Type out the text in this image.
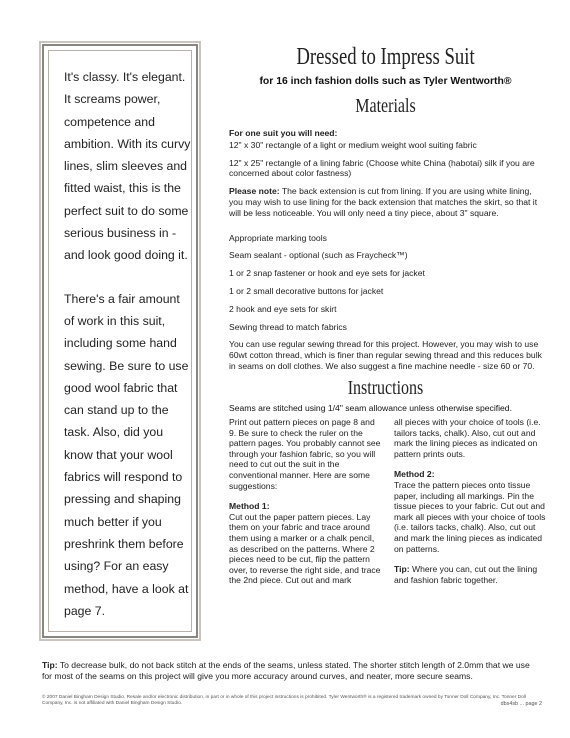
It's classy. It's elegant. It screams power, competence and ambition. With its curvy lines, slim sleeves and fitted waist, this is the perfect suit to do some serious business in - and look good doing it.

There's a fair amount of work in this suit, including some hand sewing. Be sure to use good wool fabric that can stand up to the task. Also, did you know that your wool fabrics will respond to pressing and shaping much better if you preshrink them before using? For an easy method, have a look at page 7.

Dressed to Impress Suit
for 16 inch fashion dolls such as Tyler Wentworth®
Materials

For one suit you will need:

12" x 30" rectangle of a light or medium weight wool suiting fabric

12" x 25" rectangle of a lining fabric (Choose white China (habotai) silk if you are concerned about color fastness)

Please note: The back extension is cut from lining. If you are using white lining, you may wish to use lining for the back extension that matches the skirt, so that it will be less noticeable. You will only need a tiny piece, about 3" square.

Appropriate marking tools

Seam sealant - optional (such as Fraycheck™)

1 or 2 snap fastener or hook and eye sets for jacket

1 or 2 small decorative buttons for jacket

2 hook and eye sets for skirt

Sewing thread to match fabrics

You can use regular sewing thread for this project. However, you may wish to use 60wt cotton thread, which is finer than regular sewing thread and this reduces bulk in seams on doll clothes. We also suggest a fine machine needle - size 60 or 70.

Instructions
Seams are stitched using 1/4" seam allowance unless otherwise specified.

Print out pattern pieces on page 8 and 9. Be sure to check the ruler on the pattern pages. You probably cannot see through your fashion fabric, so you will need to cut out the suit in the conventional manner. Here are some suggestions:

Method 1:

Cut out the paper pattern pieces. Lay them on your fabric and trace around them using a marker or a chalk pencil, as described on the patterns. Where 2 pieces need to be cut, flip the pattern over, to reverse the right side, and trace the 2nd piece. Cut out and mark

all pieces with your choice of tools (i.e. tailors tacks, chalk). Also, cut out and mark the lining pieces as indicated on pattern prints outs.

Method 2:

Trace the pattern pieces onto tissue paper, including all markings. Pin the tissue pieces to your fabric. Cut out and mark all pieces with your choice of tools (i.e. tailors tacks, chalk). Also, cut out and mark the lining pieces as indicated on patterns.

Tip: Where you can, cut out the lining and fashion fabric together.

Tip: To decrease bulk, do not back stitch at the ends of the seams, unless stated. The shorter stitch length of 2.0mm that we use for most of the seams on this project will give you more accuracy around curves, and neater, more secure seams.
© 2007 Daniel Bingham Design Studio. Resale and/or electronic distribution, in part or in whole of this project instructions is prohibited. Tyler Wentworth® is a registered trademark owned by Tonner Doll Company, Inc. Tonner Doll Company, Inc. is not affiliated with Daniel Bingham Design Studio.	dbs4sb ... page 2
